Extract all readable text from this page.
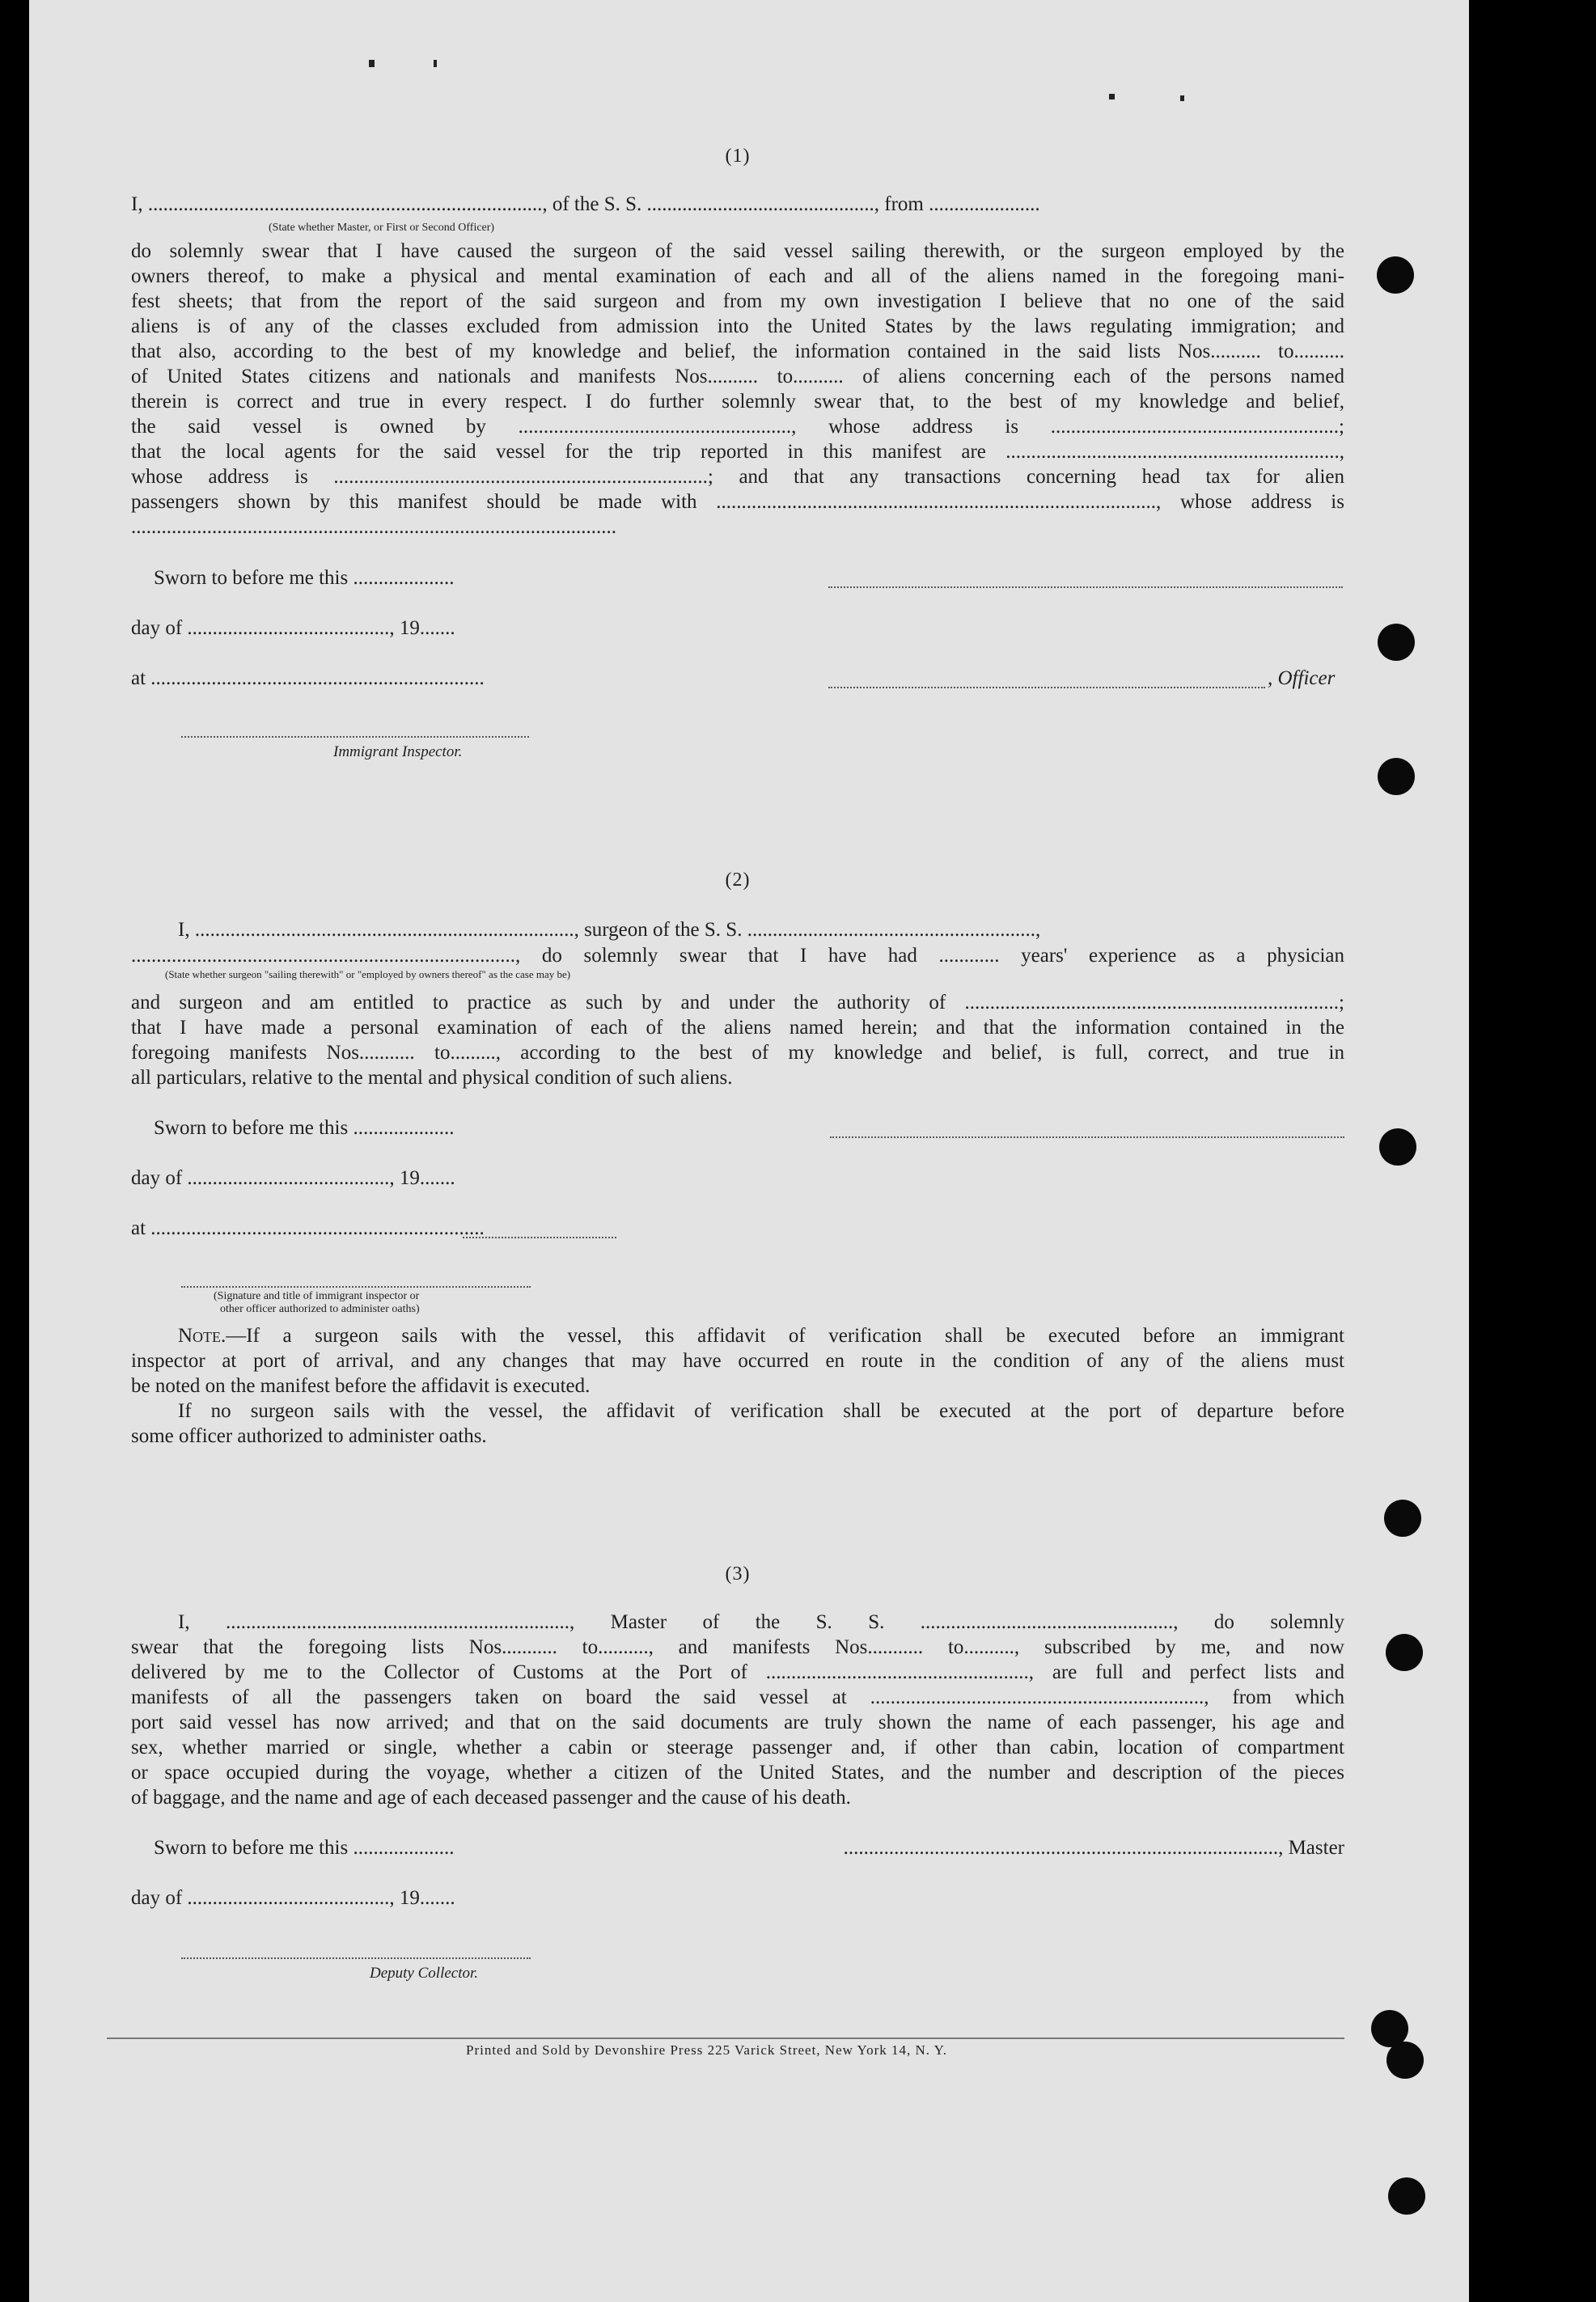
(1)
I, .............................................................................., of the S. S. ............................................., from ......................
(State whether Master, or First or Second Officer)
do solemnly swear that I have caused the surgeon of the said vessel sailing therewith, or the surgeon employed by the
owners thereof, to make a physical and mental examination of each and all of the aliens named in the foregoing mani-
fest sheets; that from the report of the said surgeon and from my own investigation I believe that no one of the said
aliens is of any of the classes excluded from admission into the United States by the laws regulating immigration; and
that also, according to the best of my knowledge and belief, the information contained in the said lists Nos.......... to..........
of United States citizens and nationals and manifests Nos.......... to.......... of aliens concerning each of the persons named
therein is correct and true in every respect. I do further solemnly swear that, to the best of my knowledge and belief,
the said vessel is owned by ......................................................, whose address is .........................................................;
that the local agents for the said vessel for the trip reported in this manifest are ..................................................................,
whose address is ..........................................................................; and that any transactions concerning head tax for alien
passengers shown by this manifest should be made with ......................................................................................., whose address is
................................................................................................
Sworn to before me this ....................
day of ........................................, 19.......
at ..................................................................	, Officer
Immigrant Inspector.
(2)
I, ..........................................................................., surgeon of the S. S. .........................................................,
............................................................................, do solemnly swear that I have had ............ years' experience as a physician
(State whether surgeon "sailing therewith" or "employed by owners thereof" as the case may be)
and surgeon and am entitled to practice as such by and under the authority of ..........................................................................;
that I have made a personal examination of each of the aliens named herein; and that the information contained in the
foregoing manifests Nos........... to........., according to the best of my knowledge and belief, is full, correct, and true in
all particulars, relative to the mental and physical condition of such aliens.
Sworn to before me this ....................
day of ........................................, 19.......
at ..................................................................
(Signature and title of immigrant inspector or
other officer authorized to administer oaths)
Note.—If a surgeon sails with the vessel, this affidavit of verification shall be executed before an immigrant
inspector at port of arrival, and any changes that may have occurred en route in the condition of any of the aliens must
be noted on the manifest before the affidavit is executed.
If no surgeon sails with the vessel, the affidavit of verification shall be executed at the port of departure before
some officer authorized to administer oaths.
(3)
I, ...................................................................., Master of the S. S. .................................................., do solemnly
swear that the foregoing lists Nos........... to.........., and manifests Nos........... to.........., subscribed by me, and now
delivered by me to the Collector of Customs at the Port of ...................................................., are full and perfect lists and
manifests of all the passengers taken on board the said vessel at .................................................................., from which
port said vessel has now arrived; and that on the said documents are truly shown the name of each passenger, his age and
sex, whether married or single, whether a cabin or steerage passenger and, if other than cabin, location of compartment
or space occupied during the voyage, whether a citizen of the United States, and the number and description of the pieces
of baggage, and the name and age of each deceased passenger and the cause of his death.
Sworn to before me this ....................	......................................................................................, Master
day of ........................................, 19.......
Deputy Collector.
Printed and Sold by Devonshire Press 225 Varick Street, New York 14, N. Y.
